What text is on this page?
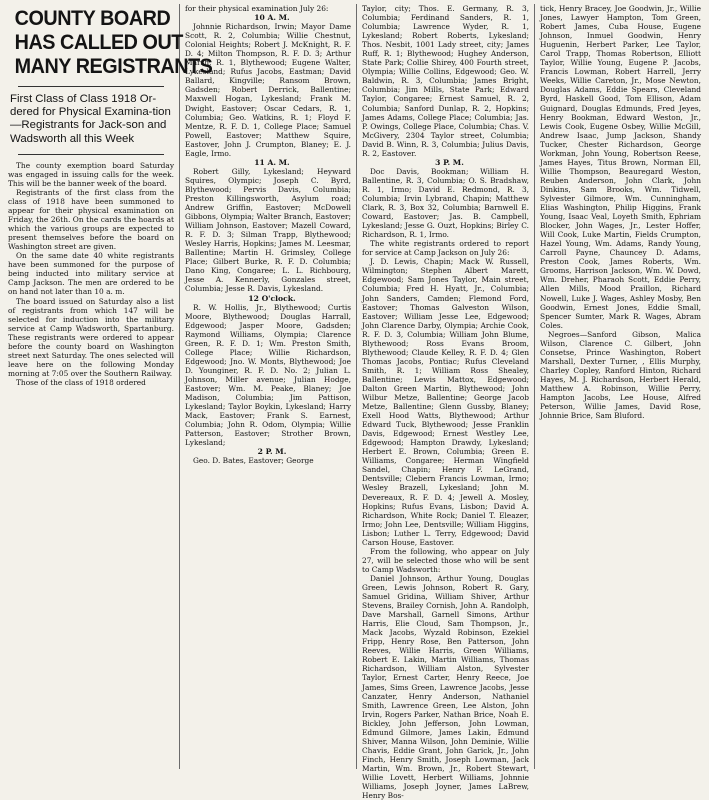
COUNTY BOARD
HAS CALLED OUT
MANY REGISTRANTS
First Class of Class 1918 Or-dered for Physical Examina-tion—Registrants for Jack-son and Wadsworth all this Week

The county exemption board Saturday was engaged in issuing calls for the week. This will be the banner week of the board.

Registrants of the first class from the class of 1918 have been summoned to appear for their physical examination on Friday, the 26th. On the cards the hoards at which the various groups are expected to present themselves before the board on Washington street are given.

On the same date 40 white registrants have been summoned for the purpose of being inducted into military service at Camp Jackson. The men are ordered to be on hand not later than 10 a. m.

The board issued on Saturday also a list of registrants from which 147 will be selected for induction into the military service at Camp Wadsworth, Spartanburg. These registrants were ordered to appear before the county board on Washington street next Saturday. The ones selected will leave here on the following Monday morning at 7:05 over the Southern Railway.

Those of the class of 1918 ordered

for their physical examination July 26:

10 A. M.

Johnnie Richardson, Irwin; Mayor Dame Scott, R. 2, Columbia; Willie Chestnut, Colonial Heights; Robert J. McKnight, R. F. D. 4; Milton Thompson, R. F. D. 3; Arthur Marsh, R. 1, Blythewood; Eugene Walter, Lykesland; Rufus Jacobs, Eastman; David Ballard, Kingville; Ransom Brown, Gadsden; Robert Derrick, Ballentine; Maxwell Hogan, Lykesland; Frank M. Dwight, Eastover; Oscar Cedars, R. 1, Columbia; Geo. Watkins, R. 1; Floyd F. Mentze, R. F. D. 1, College Place; Samuel Powell, Eastover; Matthew Squire, Eastover, John J. Crumpton, Blaney; E. J. Eagle, Irmo.

11 A. M.

Robert Gilly, Lykesland; Heyward Squires, Olympic; Joseph C. Byrd, Blythewood; Pervis Davis, Columbia; Preston Killingsworth, Asylum road; Andrew Griffin, Eastover; McDowell Gibbons, Olympia; Walter Branch, Eastover; William Johnson, Eastover; Mazell Coward, R. F. D. 3; Silman Trapp, Blythewood; Wesley Harris, Hopkins; James M. Leesmar, Ballentine; Martin H. Grimsley, College Place; Gilbert Burke, R. F. D. Columbia; Dano King, Congaree; L. L. Richbourg, Jesse A. Kennerly, Gonzales street, Columbia; Jesse R. Davis, Lykesland.

12 O'clock.

R. W. Hollis, Jr., Blythewood; Curtis Moore, Blythewood; Douglas Harrall, Edgewood; Jasper Moore, Gadsden; Raymond Williams, Olympia; Clarence Green, R. F. D. 1; Wm. Preston Smith, College Place; Willie Richardson, Edgewood; Jno. W. Monts, Blythewood; Joe D. Younginer, R. F. D. No. 2; Julian L. Johnson, Miller avenue; Julian Hodge, Eastover; Wm. M. Peake, Blaney; Joe Madison, Columbia; Jim Pattison, Lykesland; Taylor Boykin, Lykesland; Harry Mack, Eastover; Frank S. Earnest, Columbia; John R. Odom, Olympia; Willie Patterson, Eastover; Strother Brown, Lykesland;

2 P. M.

Geo. D. Bates, Eastover; George

Taylor, city; Thos. E. Germany, R. 3, Columbia; Ferdinand Sanders, R. 1, Columbia; Lawrence Wyder, R. 1, Lykesland; Robert Roberts, Lykesland; Thos. Nesbit, 1001 Lady street, city; James Ruff, R. 1; Blythewood; Hughey Anderson, State Park; Collie Shirey, 400 Fourth street, Olympia; Willie Collins, Edgewood; Geo. W. Baldwin, R. 3, Columbia; James Bright, Columbia; Jim Mills, State Park; Edward Taylor, Congaree; Ernest Samuel, R. 2, Columbia; Sanford Dunlap, R. 2, Hopkins; James Adams, College Place; Columbia; Jas. P. Owings, College Place, Columbia; Chas. V. McGivery, 2304 Taylor street, Columbia; David B. Winn, R. 3, Columbia; Julius Davis, R. 2, Eastover.

3 P. M.

Doc Davis, Bookman; William H. Ballentine, R. 3, Columbia; O. S. Bradshaw, R. 1, Irmo; David E. Redmond, R. 3, Columbia; Irvin Lybrand, Chapin; Matthew Clark, R. 3, Box 32, Columbia; Barnwell E. Coward, Eastover; Jas. B. Campbell, Lykesland; Jesse G. Ouzt, Hopkins; Birley C. Richardson, R. 1, Irmo.

The white registrants ordered to report for service at Camp Jackson on July 26:

J. D. Lewis, Chapin; Mack W. Russell, Wilmington; Stephen Albert Marett, Edgewood; Sam Jones Taylor, Main street, Columbia; Fred H. Hyatt, Jr., Columbia; John Sanders, Camden; Flemond Ford, Eastover; Thomas Galveston Wilson, Eastover; William Jesse Lee, Edgewood; John Clarence Darby, Olympia; Archie Cook, R. F. D. 3, Columbia; William John Blume, Blythewood; Ross Evans Broom, Blythewood; Claude Kelley, R. F. D. 4; Glen Thomas Jacobs, Pontiac; Rufus Cleveland Smith, R. 1; William Ross Shealey, Ballentine; Lewis Mattox, Edgewood; Dalton Green Martin, Blythewood; John Wilbur Metze, Ballentine; George Jacob Metze, Ballentine; Glenn Gussby, Blaney; Exell Hood Watts, Blythewood; Arthur Edward Tuck, Blythewood; Jesse Franklin Davis, Edgewood; Ernest Westley Lee, Edgewood; Hampton Drawdy, Lykesland; Herbert E. Brown, Columbia; Green E. Williams, Congaree; Herman Wingfield Sandel, Chapin; Henry F. LeGrand, Dentsville; Clebern Francis Lowman, Irmo; Wesley Brazell, Lykesland; John M. Devereaux, R. F. D. 4; Jewell A. Mosley, Hopkins; Rufus Evans, Lisbon; David A. Richardson, White Rock; Daniel T. Eleazer, Irmo; John Lee, Dentsville; William Higgins, Lisbon; Luther L. Terry, Edgewood; David Carson House, Eastover.

From the following, who appear on July 27, will be selected those who will be sent to Camp Wadsworth:

Daniel Johnson, Arthur Young, Douglas Green, Lewis Johnson, Robert R. Gary, Samuel Gridina, William Shiver, Arthur Stevens, Brailey Cornish, John A. Randolph, Dave Marshall, Garnell Simons, Arthur Harris, Elie Cloud, Sam Thompson, Jr., Mack Jacobs, Wyzald Robinson, Ezekiel Fripp, Henry Rose, Ben Patterson, John Reeves, Willie Harris, Green Williams, Robert E. Lakin, Martin Williams, Thomas Richardson, William Alston, Sylvester Taylor, Ernest Carter, Henry Reece, Joe James, Sims Green, Lawrence Jacobs, Jesse Canzater, Henry Anderson, Nathaniel Smith, Lawrence Green, Lee Alston, John Irvin, Rogers Parker, Nathan Brice, Noah E. Bickley, John Jefferson, John Lowman, Edmund Gilmore, James Lakin, Edmund Shiver, Manna Wilson, John Deminie, Willie Chavis, Eddie Grant, John Garick, Jr., John Finch, Henry Smith, Joseph Lowman, Jack Martin, Wm. Brown, Jr., Robert Stewart, Willie Lovett, Herbert Williams, Johnnie Williams, Joseph Joyner, James LaBrew, Henry Bos-

tick, Henry Bracey, Joe Goodwin, Jr., Willie Jones, Lawyer Hampton, Tom Green, Robert James, Cuba House, Eugene Johnson, Inmuel Goodwin, Henry Huguenin, Herbert Parker, Lee Taylor, Carol Trapp, Thomas Robertson, Elliott Taylor, Willie Young, Eugene P. Jacobs, Francis Lowman, Robert Harrell, Jerry Weeks, Willie Careton, Jr., Mose Newton, Douglas Adams, Eddie Spears, Cleveland Byrd, Haskell Good, Tom Ellison, Adam Guignard, Douglas Edmunds, Fred Jeyes, Henry Bookman, Edward Weston, Jr., Lewis Cook, Eugene Osbey, Willie McGill, Andrew Isaac, Jump Jackson, Shandy Tucker, Chester Richardson, George Workman, John Young, Robertson Reese, James Hayes, Titus Brown, Norman Ell, Willie Thompson, Beauregard Weston, Reuben Anderson, John Clark, John Dinkins, Sam Brooks, Wm. Tidwell, Sylvester Gilmore, Wm. Cunningham, Elias Washington, Philip Higgins, Frank Young, Isaac Veal, Loyeth Smith, Ephriam Blocker, John Wages, Jr., Lester Hoffer, Will Cook, Luke Martin, Fields Crumpton, Hazel Young, Wm. Adams, Randy Young, Carroll Payne, Chauncey D. Adams, Preston Cook, James Roberts, Wm. Grooms, Harrison Jackson, Wm. W. Dowd, Wm. Dreher, Pharaoh Scott, Eddie Perry, Allen Mills, Mood Praillon, Richard Nowell, Luke J. Wages, Ashley Mosby, Ben Goodwin, Ernest Jones, Eddie Small, Spencer Sumter, Mark R. Wages, Abram Coles.

Negroes—Sanford Gibson, Malica Wilson, Clarence C. Gilbert, John Consetse, Prince Washington, Robert Marshall, Dexter Turner, , Ellis Murphy, Charley Copley, Ranford Hinton, Richard Hayes, M. J. Richardson, Herbert Herald, Matthew A. Robinson, Willie Perry, Hampton Jacobs, Lee House, Alfred Peterson, Willie James, David Rose, Johnnie Brice, Sam Bluford.
